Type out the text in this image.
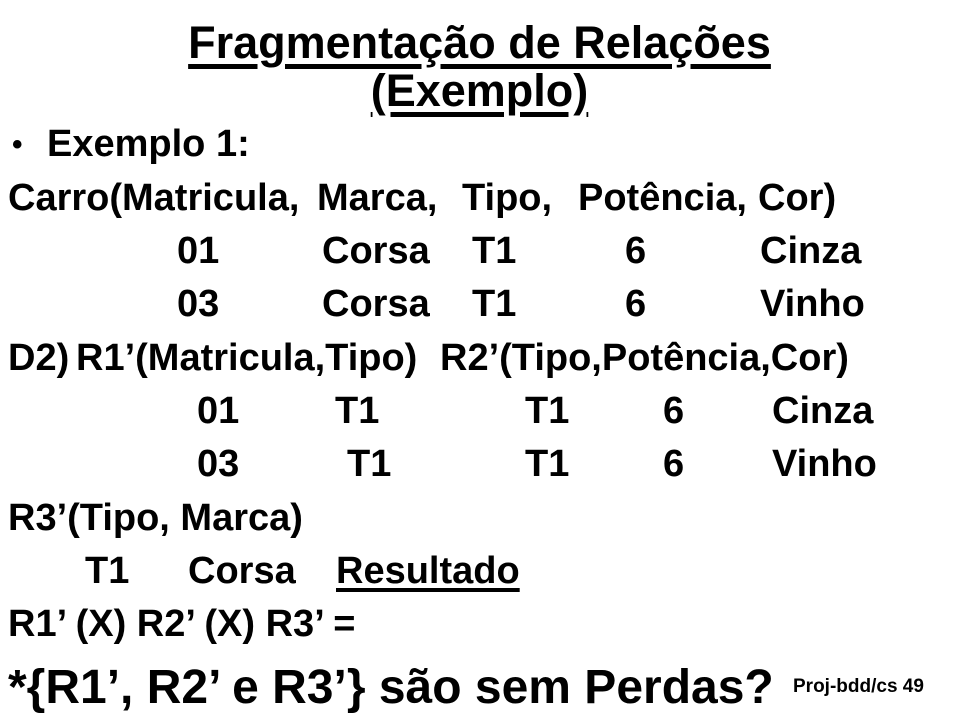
Fragmentação de Relações
(Exemplo)
• Exemplo 1:
Carro(Matricula, Marca, Tipo, Potência, Cor)
01	Corsa T1	6	Cinza
03	Corsa T1	6	Vinho
D2) R1’(Matricula,Tipo) R2’(Tipo,Potência,Cor)
01	T1	T1 6 Cinza
03	T1	T1 6 Vinho
R3’(Tipo, Marca)
T1 Corsa Resultado
R1’ (X) R2’ (X) R3’ =
*{R1’, R2’ e R3’} são sem Perdas? Proj-bdd/cs 49
